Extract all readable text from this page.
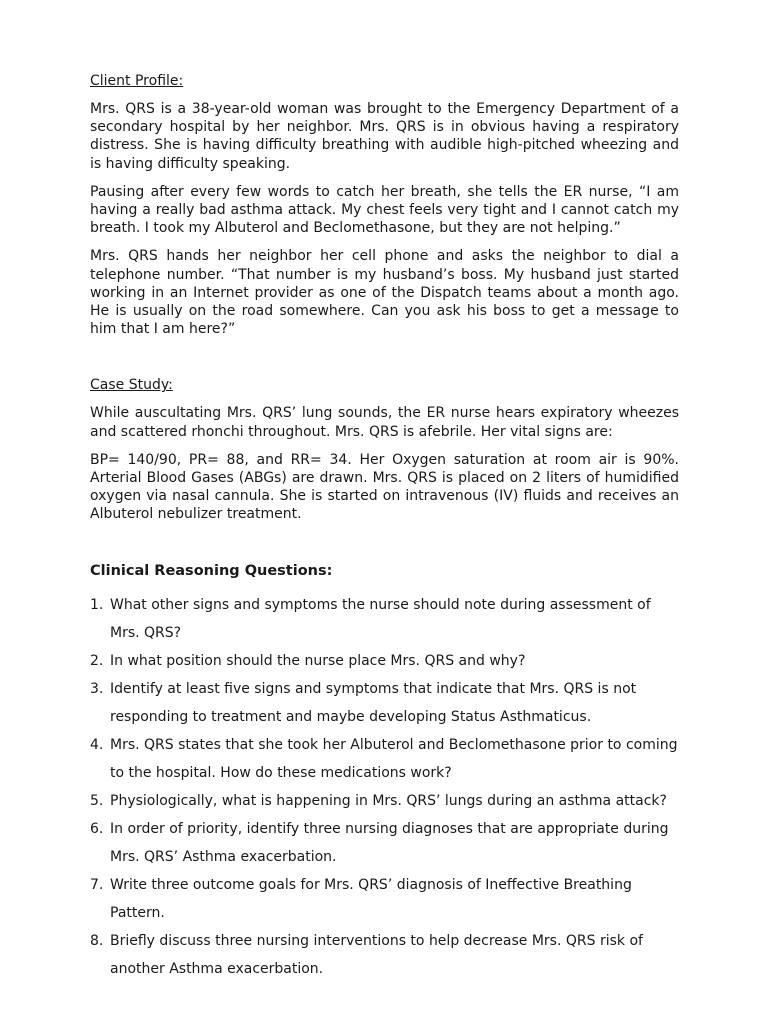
Client Profile:

Mrs. QRS is a 38-year-old woman was brought to the Emergency Department of a secondary hospital by her neighbor. Mrs. QRS is in obvious having a respiratory distress. She is having difficulty breathing with audible high-pitched wheezing and is having difficulty speaking.

Pausing after every few words to catch her breath, she tells the ER nurse, “I am having a really bad asthma attack. My chest feels very tight and I cannot catch my breath. I took my Albuterol and Beclomethasone, but they are not helping.”

Mrs. QRS hands her neighbor her cell phone and asks the neighbor to dial a telephone number. “That number is my husband’s boss. My husband just started working in an Internet provider as one of the Dispatch teams about a month ago. He is usually on the road somewhere. Can you ask his boss to get a message to him that I am here?”

Case Study:

While auscultating Mrs. QRS’ lung sounds, the ER nurse hears expiratory wheezes and scattered rhonchi throughout. Mrs. QRS is afebrile. Her vital signs are:

BP= 140/90, PR= 88, and RR= 34. Her Oxygen saturation at room air is 90%. Arterial Blood Gases (ABGs) are drawn. Mrs. QRS is placed on 2 liters of humidified oxygen via nasal cannula. She is started on intravenous (IV) fluids and receives an Albuterol nebulizer treatment.

Clinical Reasoning Questions:
1. What other signs and symptoms the nurse should note during assessment of Mrs. QRS?
2. In what position should the nurse place Mrs. QRS and why?
3. Identify at least five signs and symptoms that indicate that Mrs. QRS is not responding to treatment and maybe developing Status Asthmaticus.
4. Mrs. QRS states that she took her Albuterol and Beclomethasone prior to coming to the hospital. How do these medications work?
5. Physiologically, what is happening in Mrs. QRS’ lungs during an asthma attack?
6. In order of priority, identify three nursing diagnoses that are appropriate during Mrs. QRS’ Asthma exacerbation.
7. Write three outcome goals for Mrs. QRS’ diagnosis of Ineffective Breathing Pattern.
8. Briefly discuss three nursing interventions to help decrease Mrs. QRS risk of another Asthma exacerbation.
